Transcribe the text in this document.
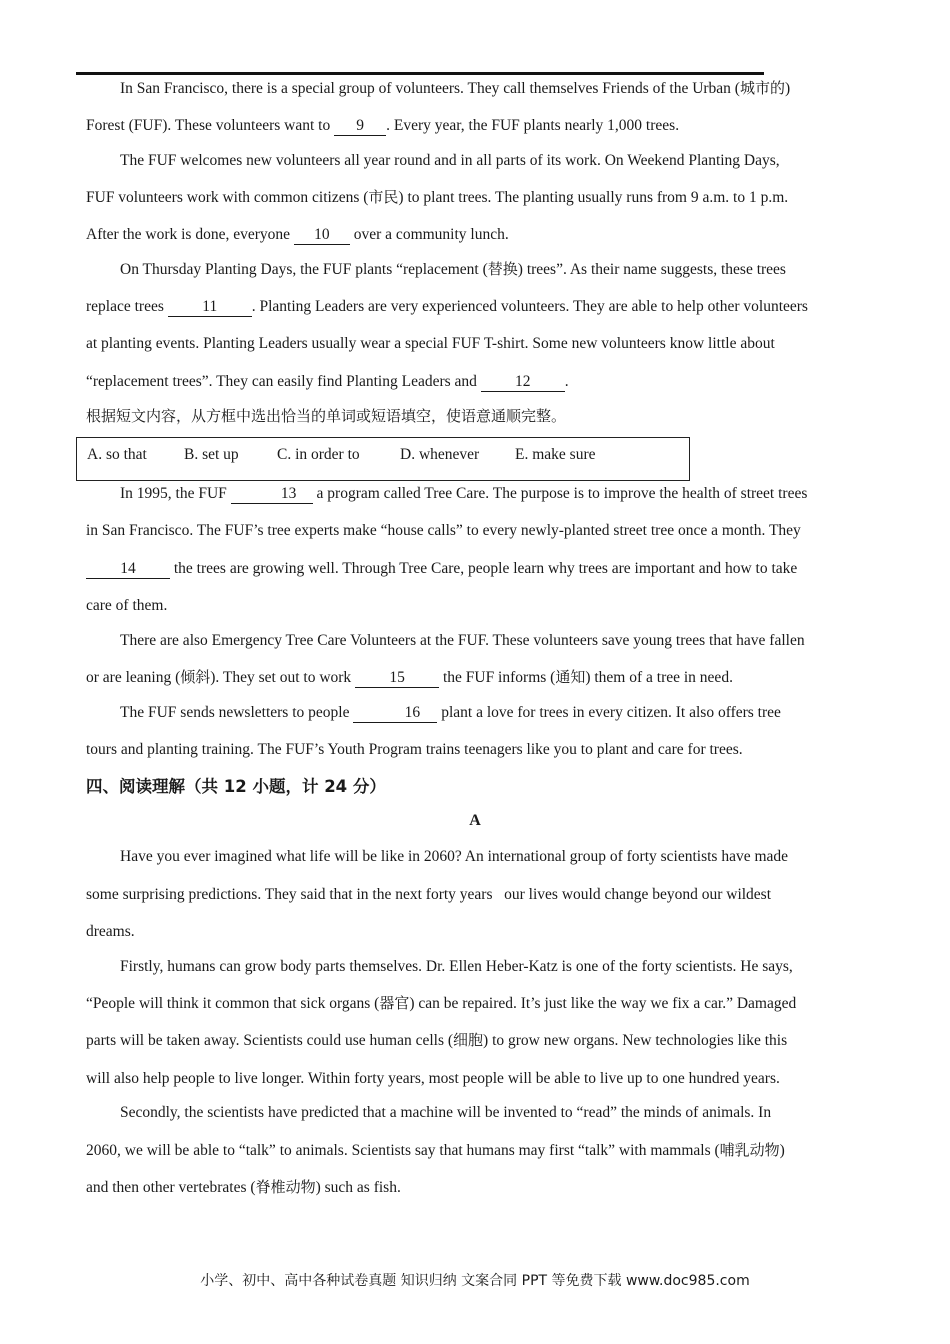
In San Francisco, there is a special group of volunteers. They call themselves Friends of the Urban (城市的)

Forest (FUF). These volunteers want to 9 . Every year, the FUF plants nearly 1,000 trees.

The FUF welcomes new volunteers all year round and in all parts of its work. On Weekend Planting Days,

FUF volunteers work with common citizens (市民) to plant trees. The planting usually runs from 9 a.m. to 1 p.m.

After the work is done, everyone 10 over a community lunch.

On Thursday Planting Days, the FUF plants “replacement (替换) trees”. As their name suggests, these trees

replace trees 11 . Planting Leaders are very experienced volunteers. They are able to help other volunteers

at planting events. Planting Leaders usually wear a special FUF T-shirt. Some new volunteers know little about

“replacement trees”. They can easily find Planting Leaders and 12 .

根据短文内容，从方框中选出恰当的单词或短语填空，使语意通顺完整。

A. so that B. set up C. in order to	D. whenever E. make sure

In 1995, the FUF	13 a program called Tree Care. The purpose is to improve the health of street trees

in San Francisco. The FUF’s tree experts make “house calls” to every newly-planted street tree once a month. They

14 the trees are growing well. Through Tree Care, people learn why trees are important and how to take

care of them.

There are also Emergency Tree Care Volunteers at the FUF. These volunteers save young trees that have fallen

or are leaning (倾斜). They set out to work 15 the FUF informs (通知) them of a tree in need.

The FUF sends newsletters to people	16 plant a love for trees in every citizen. It also offers tree

tours and planting training. The FUF’s Youth Program trains teenagers like you to plant and care for trees.

四、阅读理解（共 12 小题，计 24 分）
A

Have you ever imagined what life will be like in 2060? An international group of forty scientists have made

some surprising predictions. They said that in the next forty years   our lives would change beyond our wildest

dreams.

Firstly, humans can grow body parts themselves. Dr. Ellen Heber-Katz is one of the forty scientists. He says,

“People will think it common that sick organs (器官) can be repaired. It’s just like the way we fix a car.” Damaged

parts will be taken away. Scientists could use human cells (细胞) to grow new organs. New technologies like this

will also help people to live longer. Within forty years, most people will be able to live up to one hundred years.

Secondly, the scientists have predicted that a machine will be invented to “read” the minds of animals. In

2060, we will be able to “talk” to animals. Scientists say that humans may first “talk” with mammals (哺乳动物)

and then other vertebrates (脊椎动物) such as fish.

小学、初中、高中各种试卷真题 知识归纳 文案合同 PPT 等免费下载 www.doc985.com
